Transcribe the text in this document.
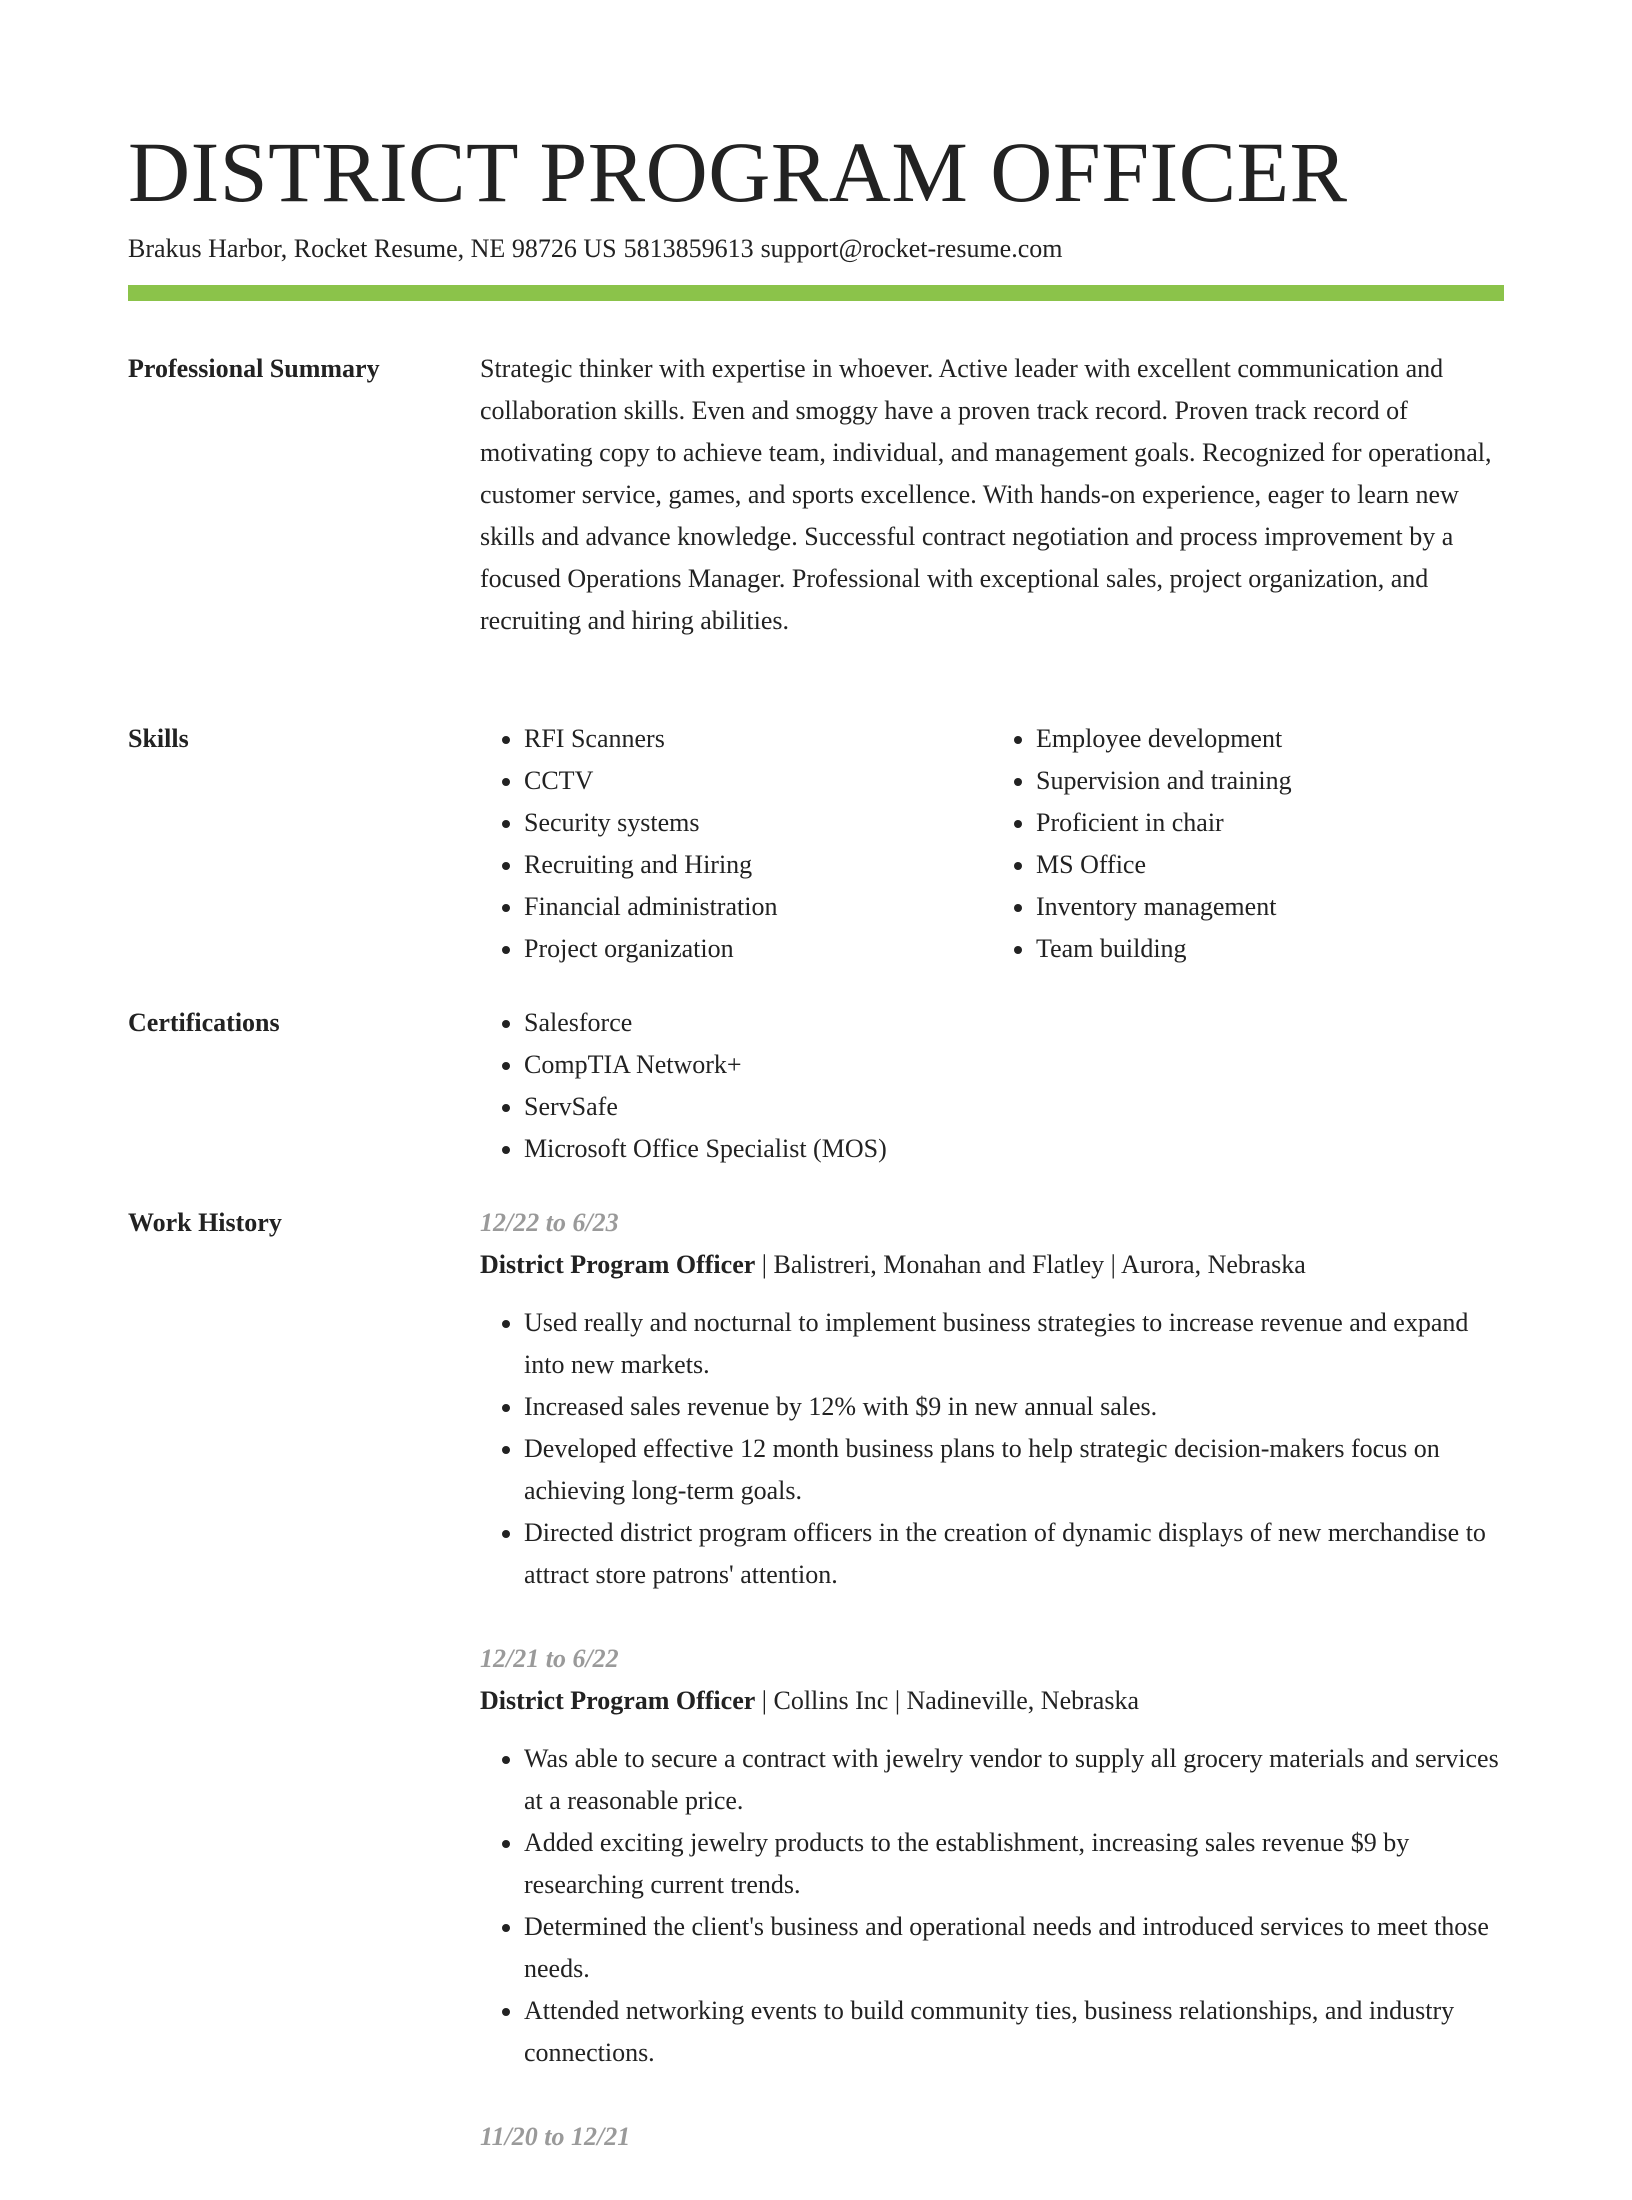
DISTRICT PROGRAM OFFICER
Brakus Harbor, Rocket Resume, NE 98726 US 5813859613 support@rocket-resume.com
Professional Summary	Strategic thinker with expertise in whoever. Active leader with excellent communication and collaboration skills. Even and smoggy have a proven track record. Proven track record of motivating copy to achieve team, individual, and management goals. Recognized for operational, customer service, games, and sports excellence. With hands-on experience, eager to learn new skills and advance knowledge. Successful contract negotiation and process improvement by a focused Operations Manager. Professional with exceptional sales, project organization, and recruiting and hiring abilities.

Skills	• RFI Scanners
• CCTV
• Security systems
• Recruiting and Hiring
• Financial administration
• Project organization
• Employee development
• Supervision and training
• Proficient in chair
• MS Office
• Inventory management
• Team building
Certifications	• Salesforce
• CompTIA Network+
• ServSafe
• Microsoft Office Specialist (MOS)
Work History	12/22 to 6/23
District Program Officer | Balistreri, Monahan and Flatley | Aurora, Nebraska
• Used really and nocturnal to implement business strategies to increase revenue and expand into new markets.
• Increased sales revenue by 12% with $9 in new annual sales.
• Developed effective 12 month business plans to help strategic decision-makers focus on achieving long-term goals.
• Directed district program officers in the creation of dynamic displays of new merchandise to attract store patrons' attention.
12/21 to 6/22
District Program Officer | Collins Inc | Nadineville, Nebraska
• Was able to secure a contract with jewelry vendor to supply all grocery materials and services at a reasonable price.
• Added exciting jewelry products to the establishment, increasing sales revenue $9 by researching current trends.
• Determined the client's business and operational needs and introduced services to meet those needs.
• Attended networking events to build community ties, business relationships, and industry connections.
11/20 to 12/21
